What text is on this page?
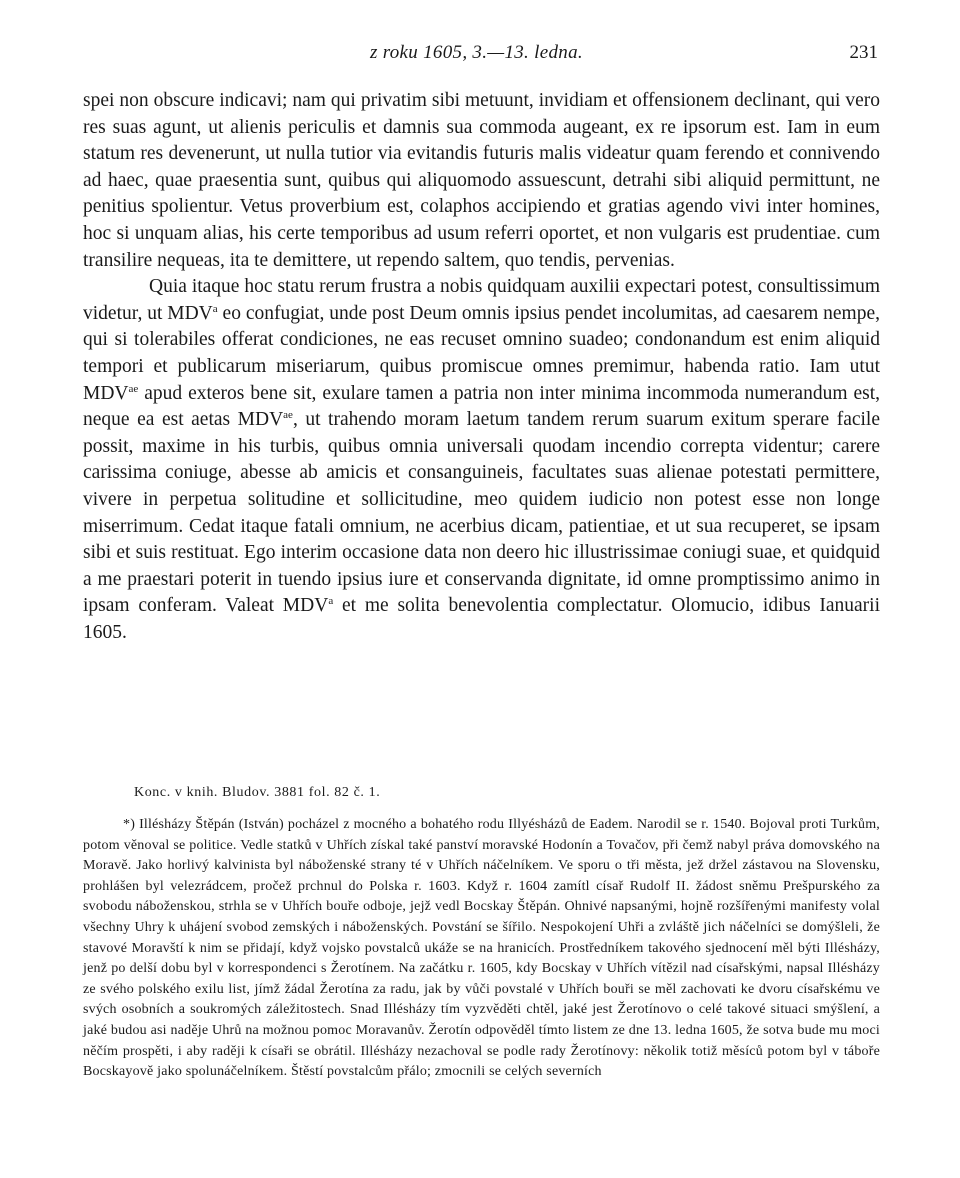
z roku 1605, 3.—13. ledna.	231

spei non obscure indicavi; nam qui privatim sibi metuunt, invidiam et offensionem declinant, qui vero res suas agunt, ut alienis periculis et damnis sua commoda augeant, ex re ipsorum est. Iam in eum statum res devenerunt, ut nulla tutior via evitandis futuris malis videatur quam ferendo et connivendo ad haec, quae praesentia sunt, quibus qui aliquomodo assuescunt, detrahi sibi aliquid permittunt, ne penitius spolientur. Vetus proverbium est, colaphos accipiendo et gratias agendo vivi inter homines, hoc si unquam alias, his certe temporibus ad usum referri oportet, et non vulgaris est prudentiae. cum transilire nequeas, ita te demittere, ut rependo saltem, quo tendis, pervenias.

Quia itaque hoc statu rerum frustra a nobis quidquam auxilii expectari potest, consultissimum videtur, ut MDV$^a$ eo confugiat, unde post Deum omnis ipsius pendet incolumitas, ad caesarem nempe, qui si tolerabiles offerat condiciones, ne eas recuset omnino suadeo; condonandum est enim aliquid tempori et publicarum miseriarum, quibus promiscue omnes premimur, habenda ratio. Iam utut $MDV^{ae}$ apud exteros bene sit, exulare tamen a patria non inter minima incommoda numerandum est, neque ea est aetas $MDV^{ae}$, ut trahendo moram laetum tandem rerum suarum exitum sperare facile possit, maxime in his turbis, quibus omnia universali quodam incendio correpta videntur; carere carissima coniuge, abesse ab amicis et consanguineis, facultates suas alienae potestati permittere, vivere in perpetua solitudine et sollicitudine, meo quidem iudicio non potest esse non longe miserrimum. Cedat itaque fatali omnium, ne acerbius dicam, patientiae, et ut sua recuperet, se ipsam sibi et suis restituat. Ego interim occasione data non deero hic illustrissimae coniugi suae, et quidquid a me praestari poterit in tuendo ipsius iure et conservanda dignitate, id omne promptissimo animo in ipsam conferam. Valeat MDV$^a$ et me solita benevolentia complectatur. Olomucio, idibus Ianuarii 1605.

Konc. v knih. Bludov. 3881 fol. 82 č. 1.

*) Illésházy Štěpán (István) pocházel z mocného a bohatého rodu Illyésházů de Eadem. Narodil se r. 1540. Bojoval proti Turkům, potom věnoval se politice. Vedle statků v Uhřích získal také panství moravské Hodonín a Tovačov, při čemž nabyl práva domovského na Moravě. Jako horlivý kalvinista byl náboženské strany té v Uhřích náčelníkem. Ve sporu o tři města, jež držel zástavou na Slovensku, prohlášen byl velezrádcem, pročež prchnul do Polska r. 1603. Když r. 1604 zamítl císař Rudolf II. žádost sněmu Prešpurského za svobodu náboženskou, strhla se v Uhřích bouře odboje, jejž vedl Bocskay Štěpán. Ohnivé napsanými, hojně rozšířenými manifesty volal všechny Uhry k uhájení svobod zemských i náboženských. Povstání se šířilo. Nespokojení Uhři a zvláště jich náčelníci se domýšleli, že stavové Moravští k nim se přidají, když vojsko povstalců ukáže se na hranicích. Prostředníkem takového sjednocení měl býti Illésházy, jenž po delší dobu byl v korrespondenci s Žerotínem. Na začátku r. 1605, kdy Bocskay v Uhřích vítězil nad císařskými, napsal Illésházy ze svého polského exilu list, jímž žádal Žerotína za radu, jak by vůči povstalé v Uhřích bouři se měl zachovati ke dvoru císařskému ve svých osobních a soukromých záležitostech. Snad Illésházy tím vyzvěděti chtěl, jaké jest Žerotínovo o celé takové situaci smýšlení, a jaké budou asi naděje Uhrů na možnou pomoc Moravanův. Žerotín odpověděl tímto listem ze dne 13. ledna 1605, že sotva bude mu moci něčím prospěti, i aby raději k císaři se obrátil. Illésházy nezachoval se podle rady Žerotínovy: několik totiž měsíců potom byl v táboře Bocskayově jako spolunáčelníkem. Štěstí povstalcům přálo; zmocnili se celých severních
